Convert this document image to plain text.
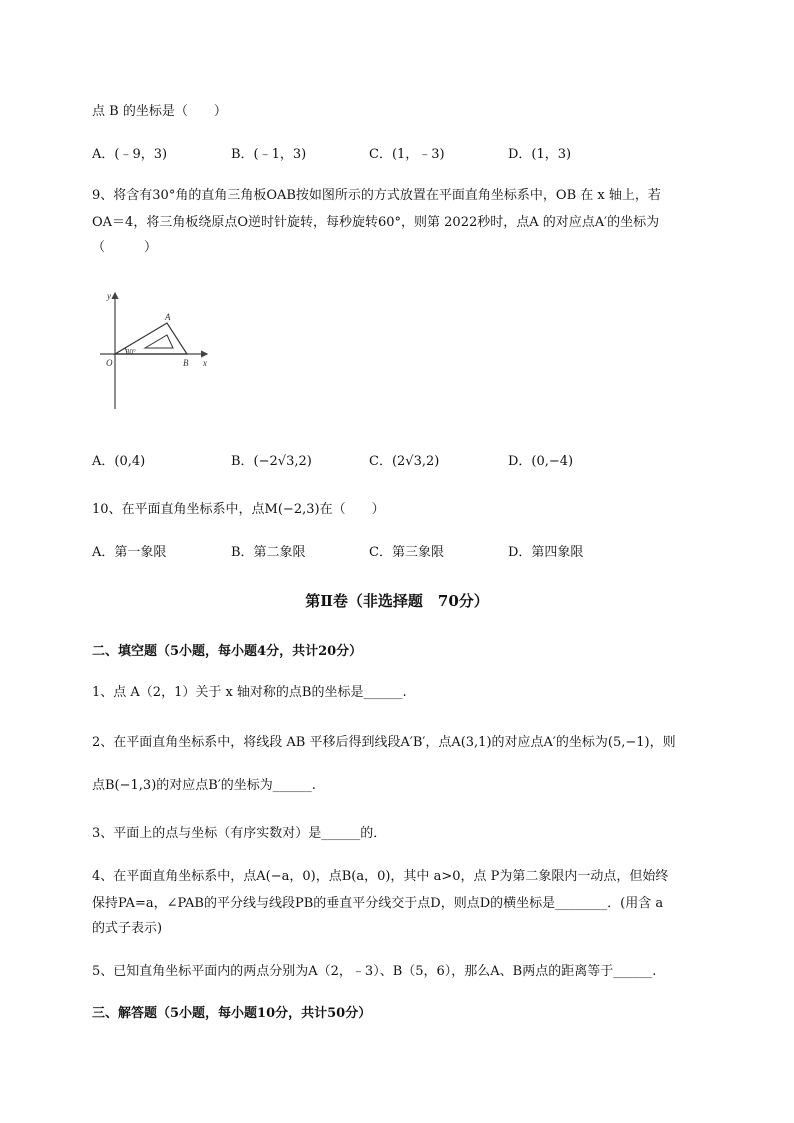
点 B 的坐标是（　　）
A．(﹣9，3)	B．(﹣1，3)	C．(1，﹣3)	D．(1，3)
9、将含有30°角的直角三角板OAB按如图所示的方式放置在平面直角坐标系中，OB 在 x 轴上，若
OA＝4，将三角板绕原点O逆时针旋转，每秒旋转60°，则第 2022秒时，点A 的对应点A′的坐标为
（　　　）
y
x
O
A
B
30°
A．(0,4)	B．(−2√3,2)	C．(2√3,2)	D．(0,−4)
10、在平面直角坐标系中，点M(−2,3)在（　　）
A．第一象限	B．第二象限	C．第三象限	D．第四象限
第Ⅱ卷（非选择题　70分）
二、填空题（5小题，每小题4分，共计20分）
1、点 A（2，1）关于 x 轴对称的点B的坐标是______.
2、在平面直角坐标系中，将线段 AB 平移后得到线段A′B′，点A(3,1)的对应点A′的坐标为(5,−1)，则
点B(−1,3)的对应点B′的坐标为______.
3、平面上的点与坐标（有序实数对）是______的．
4、在平面直角坐标系中，点A(−a，0)，点B(a，0)，其中 a>0，点 P为第二象限内一动点，但始终
保持PA=a，∠PAB的平分线与线段PB的垂直平分线交于点D，则点D的横坐标是________．(用含 a
的式子表示)
5、已知直角坐标平面内的两点分别为A（2，﹣3）、B（5，6），那么A、B两点的距离等于______.
三、解答题（5小题，每小题10分，共计50分）
